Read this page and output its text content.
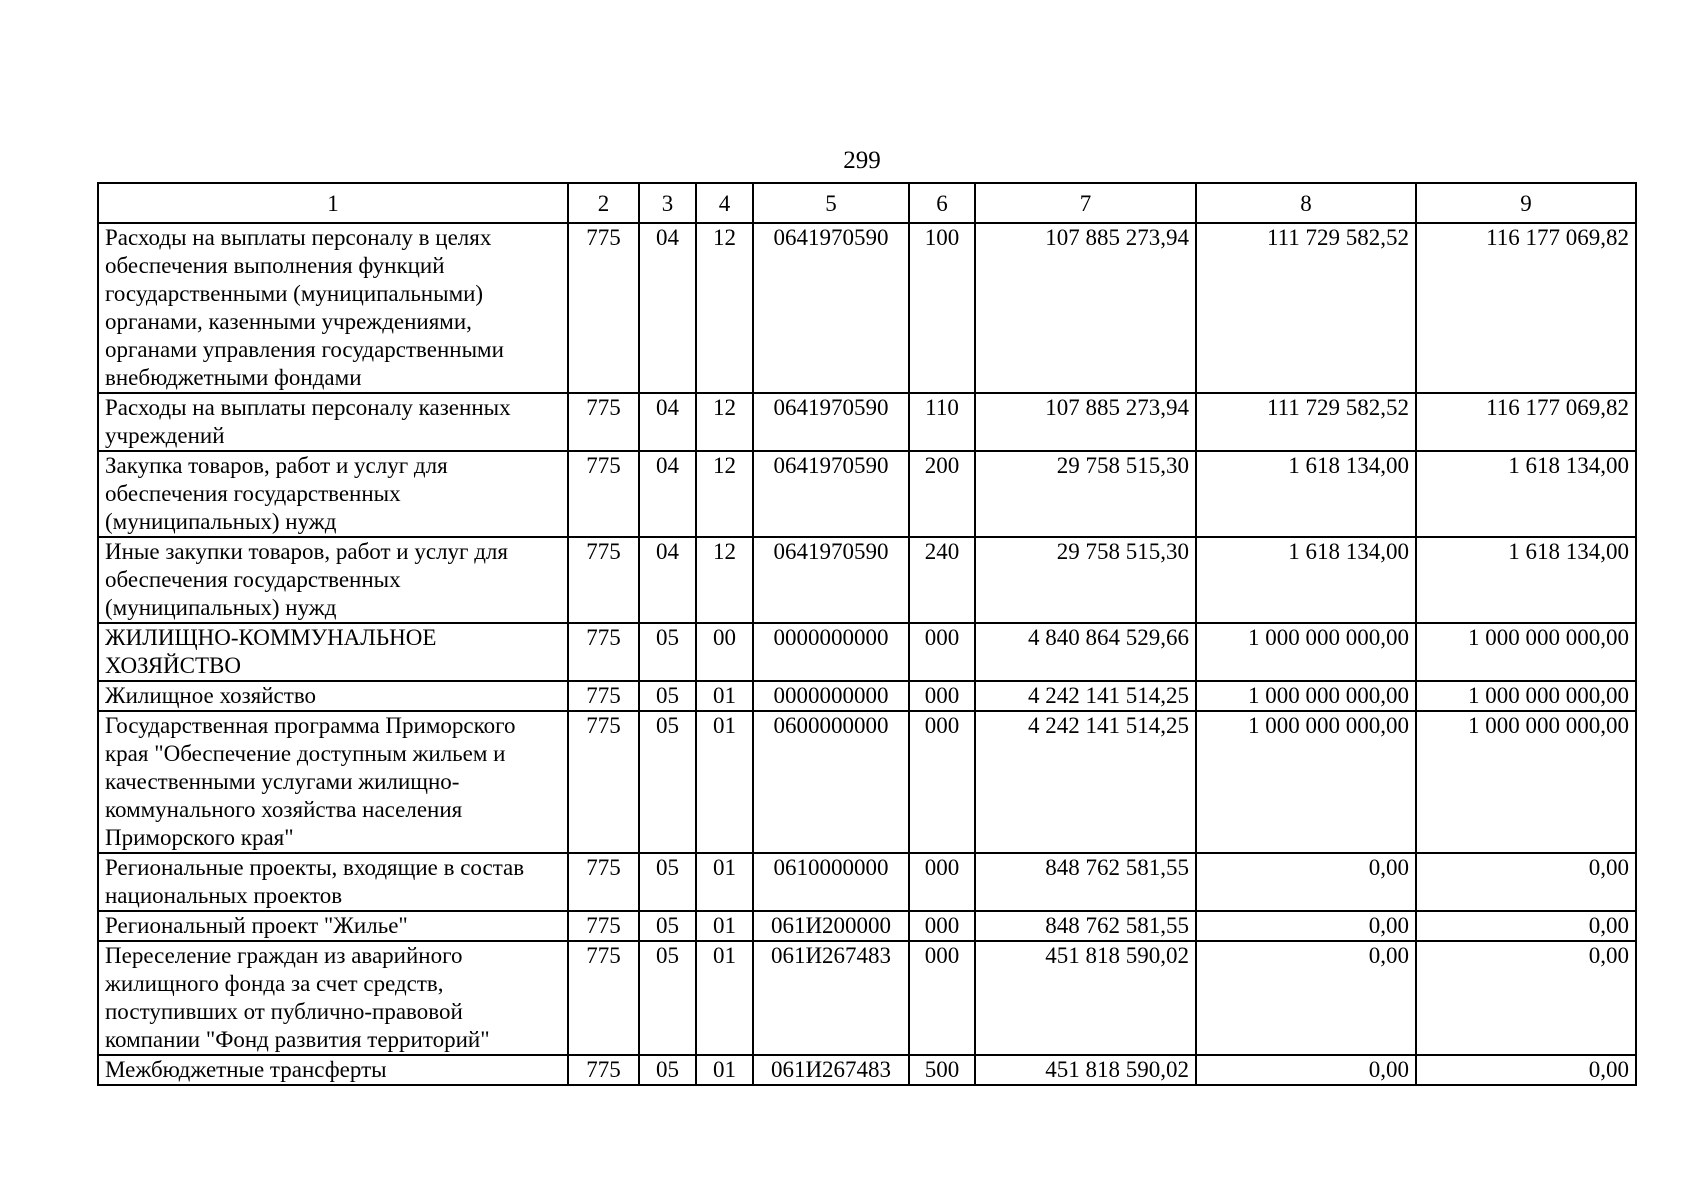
299
1	2	3	4	5	6	7	8	9
Расходы на выплаты персоналу в целях обеспечения выполнения функций государственными (муниципальными) органами, казенными учреждениями, органами управления государственными внебюджетными фондами	775	04	12	0641970590	100	107 885 273,94	111 729 582,52	116 177 069,82
Расходы на выплаты персоналу казенных учреждений	775	04	12	0641970590	110	107 885 273,94	111 729 582,52	116 177 069,82
Закупка товаров, работ и услуг для обеспечения государственных (муниципальных) нужд	775	04	12	0641970590	200	29 758 515,30	1 618 134,00	1 618 134,00
Иные закупки товаров, работ и услуг для обеспечения государственных (муниципальных) нужд	775	04	12	0641970590	240	29 758 515,30	1 618 134,00	1 618 134,00
ЖИЛИЩНО-КОММУНАЛЬНОЕ ХОЗЯЙСТВО	775	05	00	0000000000	000	4 840 864 529,66	1 000 000 000,00	1 000 000 000,00
Жилищное хозяйство	775	05	01	0000000000	000	4 242 141 514,25	1 000 000 000,00	1 000 000 000,00
Государственная программа Приморского края "Обеспечение доступным жильем и качественными услугами жилищно-коммунального хозяйства населения Приморского края"	775	05	01	0600000000	000	4 242 141 514,25	1 000 000 000,00	1 000 000 000,00
Региональные проекты, входящие в состав национальных проектов	775	05	01	0610000000	000	848 762 581,55	0,00	0,00
Региональный проект "Жилье"	775	05	01	061И200000	000	848 762 581,55	0,00	0,00
Переселение граждан из аварийного жилищного фонда за счет средств, поступивших от публично-правовой компании "Фонд развития территорий"	775	05	01	061И267483	000	451 818 590,02	0,00	0,00
Межбюджетные трансферты	775	05	01	061И267483	500	451 818 590,02	0,00	0,00
